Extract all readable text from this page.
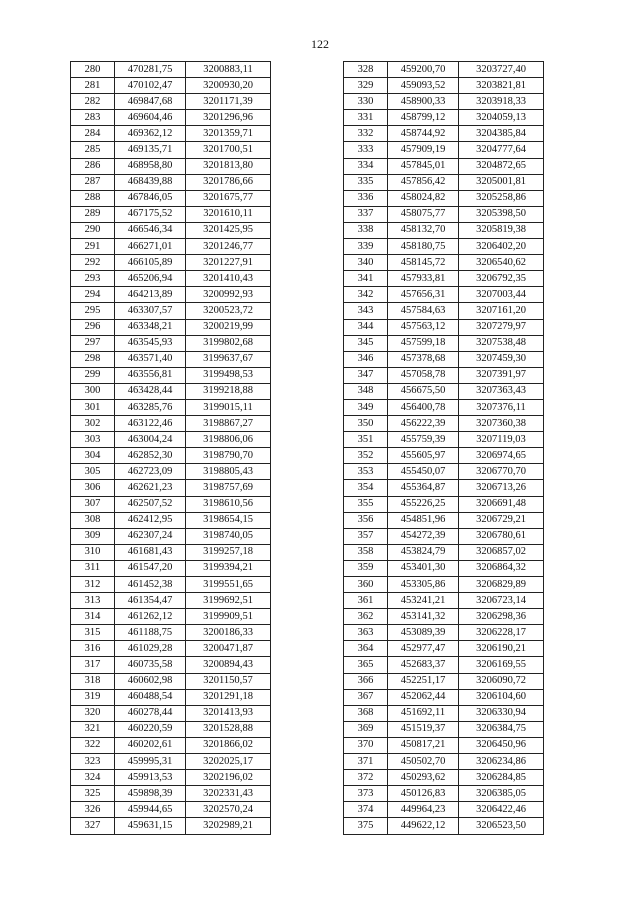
122
280	470281,75	3200883,11
281	470102,47	3200930,20
282	469847,68	3201171,39
283	469604,46	3201296,96
284	469362,12	3201359,71
285	469135,71	3201700,51
286	468958,80	3201813,80
287	468439,88	3201786,66
288	467846,05	3201675,77
289	467175,52	3201610,11
290	466546,34	3201425,95
291	466271,01	3201246,77
292	466105,89	3201227,91
293	465206,94	3201410,43
294	464213,89	3200992,93
295	463307,57	3200523,72
296	463348,21	3200219,99
297	463545,93	3199802,68
298	463571,40	3199637,67
299	463556,81	3199498,53
300	463428,44	3199218,88
301	463285,76	3199015,11
302	463122,46	3198867,27
303	463004,24	3198806,06
304	462852,30	3198790,70
305	462723,09	3198805,43
306	462621,23	3198757,69
307	462507,52	3198610,56
308	462412,95	3198654,15
309	462307,24	3198740,05
310	461681,43	3199257,18
311	461547,20	3199394,21
312	461452,38	3199551,65
313	461354,47	3199692,51
314	461262,12	3199909,51
315	461188,75	3200186,33
316	461029,28	3200471,87
317	460735,58	3200894,43
318	460602,98	3201150,57
319	460488,54	3201291,18
320	460278,44	3201413,93
321	460220,59	3201528,88
322	460202,61	3201866,02
323	459995,31	3202025,17
324	459913,53	3202196,02
325	459898,39	3202331,43
326	459944,65	3202570,24
327	459631,15	3202989,21
328	459200,70	3203727,40
329	459093,52	3203821,81
330	458900,33	3203918,33
331	458799,12	3204059,13
332	458744,92	3204385,84
333	457909,19	3204777,64
334	457845,01	3204872,65
335	457856,42	3205001,81
336	458024,82	3205258,86
337	458075,77	3205398,50
338	458132,70	3205819,38
339	458180,75	3206402,20
340	458145,72	3206540,62
341	457933,81	3206792,35
342	457656,31	3207003,44
343	457584,63	3207161,20
344	457563,12	3207279,97
345	457599,18	3207538,48
346	457378,68	3207459,30
347	457058,78	3207391,97
348	456675,50	3207363,43
349	456400,78	3207376,11
350	456222,39	3207360,38
351	455759,39	3207119,03
352	455605,97	3206974,65
353	455450,07	3206770,70
354	455364,87	3206713,26
355	455226,25	3206691,48
356	454851,96	3206729,21
357	454272,39	3206780,61
358	453824,79	3206857,02
359	453401,30	3206864,32
360	453305,86	3206829,89
361	453241,21	3206723,14
362	453141,32	3206298,36
363	453089,39	3206228,17
364	452977,47	3206190,21
365	452683,37	3206169,55
366	452251,17	3206090,72
367	452062,44	3206104,60
368	451692,11	3206330,94
369	451519,37	3206384,75
370	450817,21	3206450,96
371	450502,70	3206234,86
372	450293,62	3206284,85
373	450126,83	3206385,05
374	449964,23	3206422,46
375	449622,12	3206523,50
